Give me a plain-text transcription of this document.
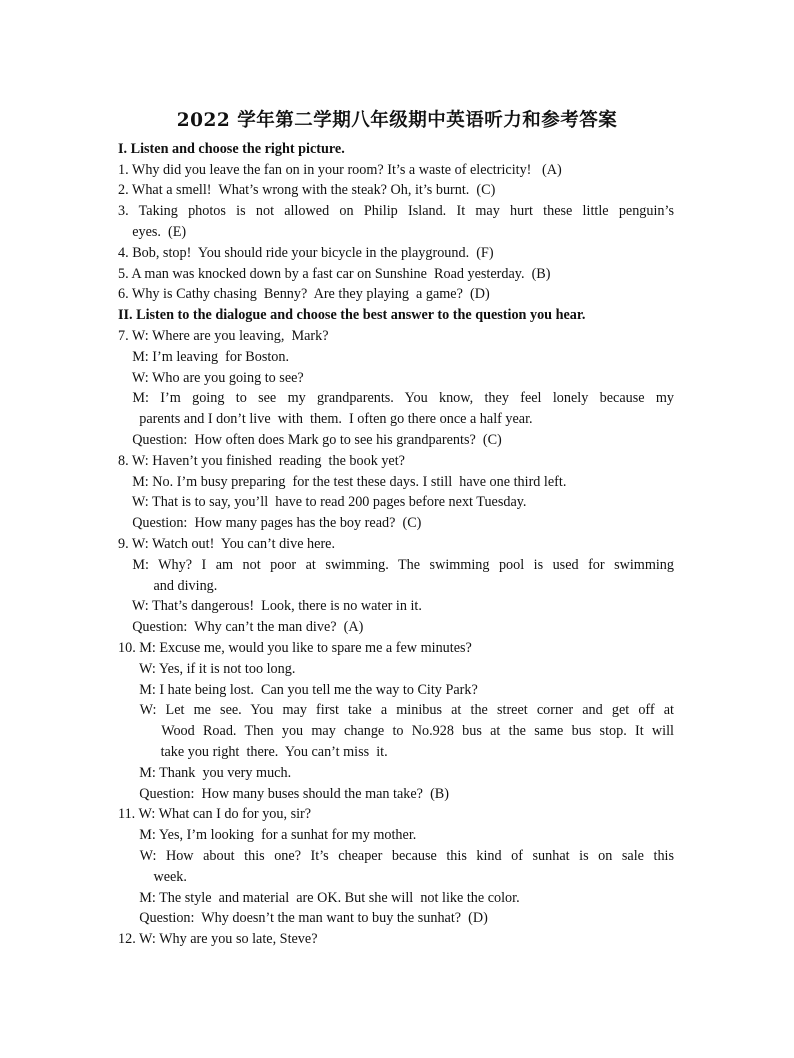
2022 学年第二学期八年级期中英语听力和参考答案
I. Listen and choose the right picture.
1. Why did you leave the fan on in your room? It’s a waste of electricity!   (A)
2. What a smell!  What’s wrong with the steak? Oh, it’s burnt.  (C)
3. Taking photos is not allowed on Philip Island. It may hurt these little penguin’s
eyes.  (E)
4. Bob, stop!  You should ride your bicycle in the playground.  (F)
5. A man was knocked down by a fast car on Sunshine  Road yesterday.  (B)
6. Why is Cathy chasing  Benny?  Are they playing  a game?  (D)
II. Listen to the dialogue and choose the best answer to the question you hear.
7. W: Where are you leaving,  Mark?
M: I’m leaving  for Boston.
W: Who are you going to see?
M: I’m going to see my grandparents. You know, they feel lonely because my
parents and I don’t live  with  them.  I often go there once a half year.
Question:  How often does Mark go to see his grandparents?  (C)
8. W: Haven’t you finished  reading  the book yet?
M: No. I’m busy preparing  for the test these days. I still  have one third left.
W: That is to say, you’ll  have to read 200 pages before next Tuesday.
Question:  How many pages has the boy read?  (C)
9. W: Watch out!  You can’t dive here.
M: Why? I am not poor at swimming. The swimming pool is used for swimming
and diving.
W: That’s dangerous!  Look, there is no water in it.
Question:  Why can’t the man dive?  (A)
10. M: Excuse me, would you like to spare me a few minutes?
W: Yes, if it is not too long.
M: I hate being lost.  Can you tell me the way to City Park?
W: Let me see. You may first take a minibus at the street corner and get off at
Wood Road. Then you may change to No.928 bus at the same bus stop. It will
take you right  there.  You can’t miss  it.
M: Thank  you very much.
Question:  How many buses should the man take?  (B)
11. W: What can I do for you, sir?
M: Yes, I’m looking  for a sunhat for my mother.
W: How about this one? It’s cheaper because this kind of sunhat is on sale this
week.
M: The style  and material  are OK. But she will  not like the color.
Question:  Why doesn’t the man want to buy the sunhat?  (D)
12. W: Why are you so late, Steve?
